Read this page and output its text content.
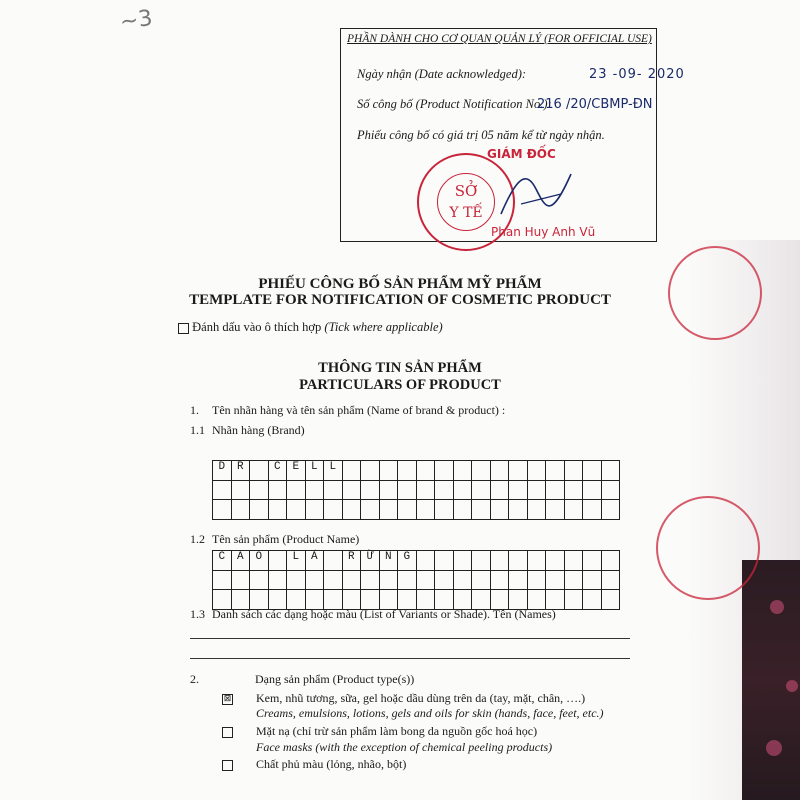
~3
PHẦN DÀNH CHO CƠ QUAN QUẢN LÝ (FOR OFFICIAL USE)
Ngày nhận (Date acknowledged):	23 -09- 2020
Số công bố (Product Notification No.):
216 /20/CBMP-ĐN
Phiếu công bố có giá trị 05 năm kể từ ngày nhận.
GIÁM ĐỐC
SỞ
Y TẾ
Phan Huy Anh Vũ
PHIẾU CÔNG BỐ SẢN PHẨM MỸ PHẨM
TEMPLATE FOR NOTIFICATION OF COSMETIC PRODUCT
Đánh dấu vào ô thích hợp (Tick where applicable)
THÔNG TIN SẢN PHẨM
PARTICULARS OF PRODUCT
1. Tên nhãn hàng và tên sản phẩm (Name of brand & product) :
1.1 Nhãn hàng (Brand)
D	R		C	E	L	L															

1.2 Tên sản phẩm (Product Name)
C	A	O		L	Á		R	Ừ	N	G											

1.3 Danh sách các dạng hoặc màu (List of Variants or Shade). Tên (Names)
2.	Dạng sản phẩm (Product type(s))
⊠ Kem, nhũ tương, sữa, gel hoặc dầu dùng trên da (tay, mặt, chân, ….)
Creams, emulsions, lotions, gels and oils for skin (hands, face, feet, etc.)
Mặt nạ (chỉ trừ sản phẩm làm bong da nguồn gốc hoá học)
Face masks (with the exception of chemical peeling products)
Chất phủ màu (lỏng, nhão, bột)
